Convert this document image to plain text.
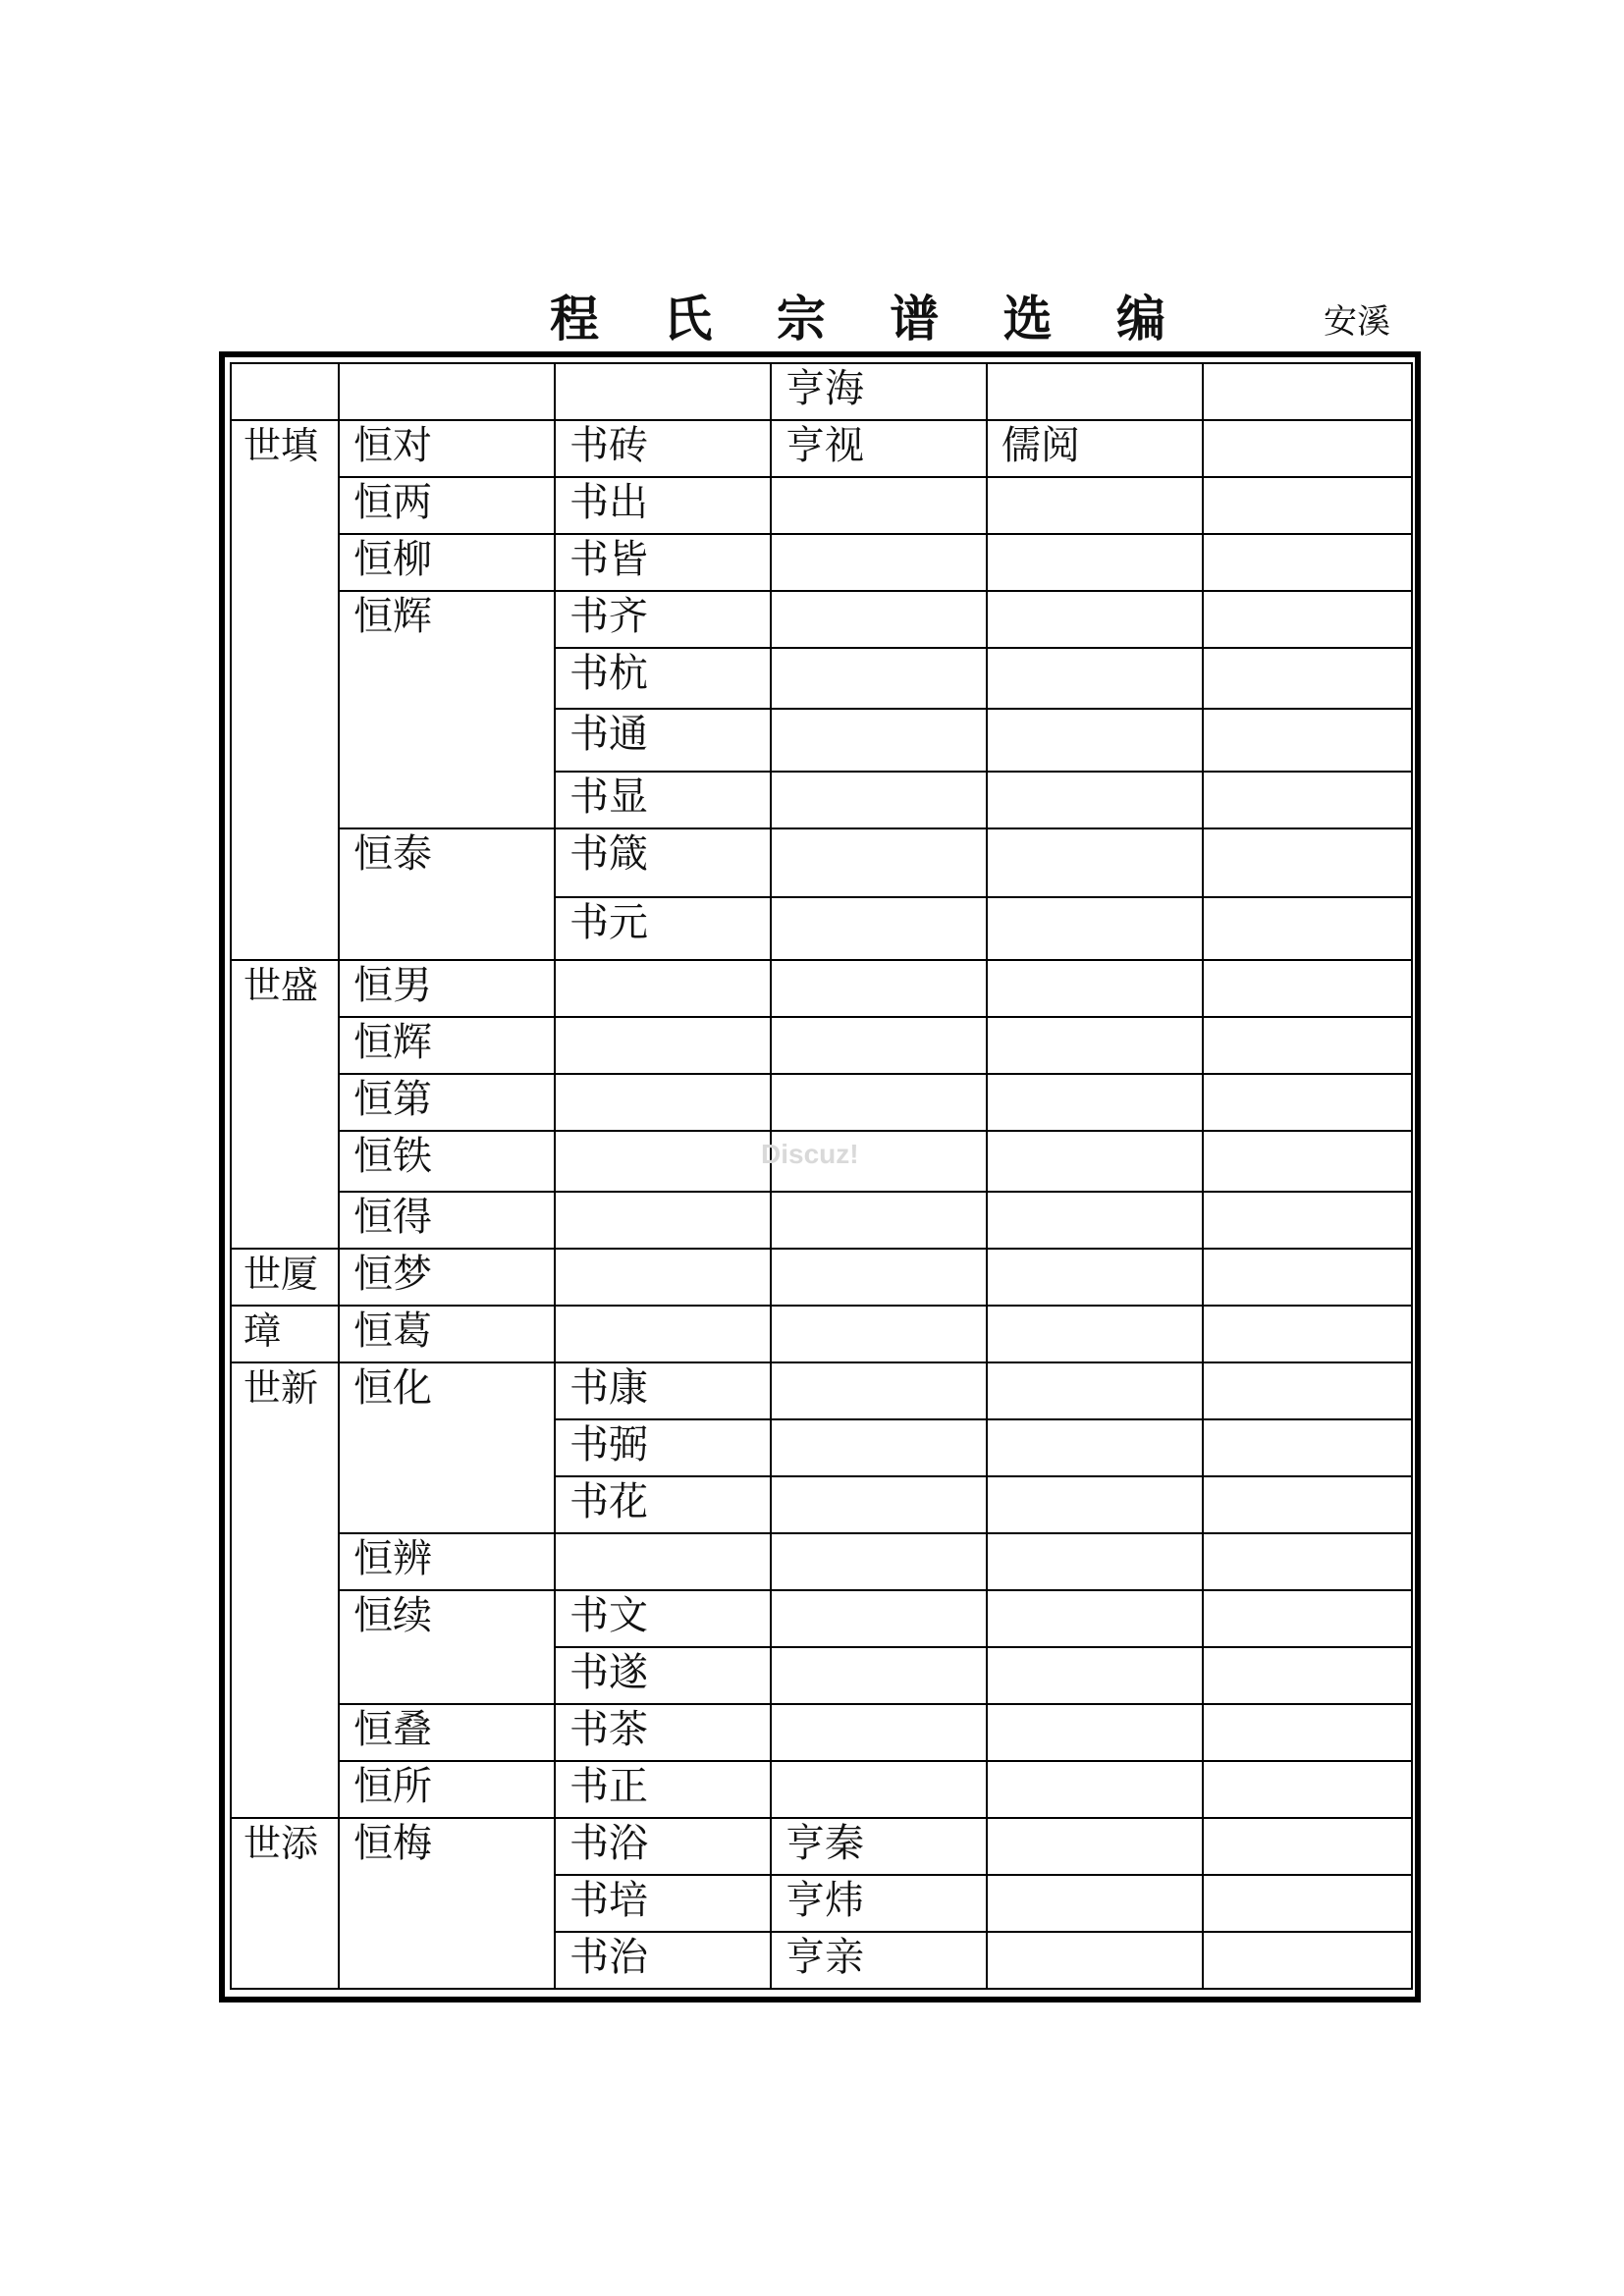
程 氏 宗 谱 选 编	安溪
			亨海		
世填	恒对	书砖	亨视	儒阅	
	恒两	书出			
	恒柳	书皆			
	恒辉	书齐			
		书杭			
		书通			
		书显			
	恒泰	书箴			
		书元			
世盛	恒男				
	恒辉				
	恒第				
	恒铁				
	恒得				
世厦	恒梦				
璋	恒葛				
世新	恒化	书康			
		书弼			
		书花			
	恒辨				
	恒续	书文			
		书遂			
	恒叠	书茶			
	恒所	书正			
世添	恒梅	书浴	亨秦		
		书培	亨炜		
		书治	亨亲		
Discuz!
